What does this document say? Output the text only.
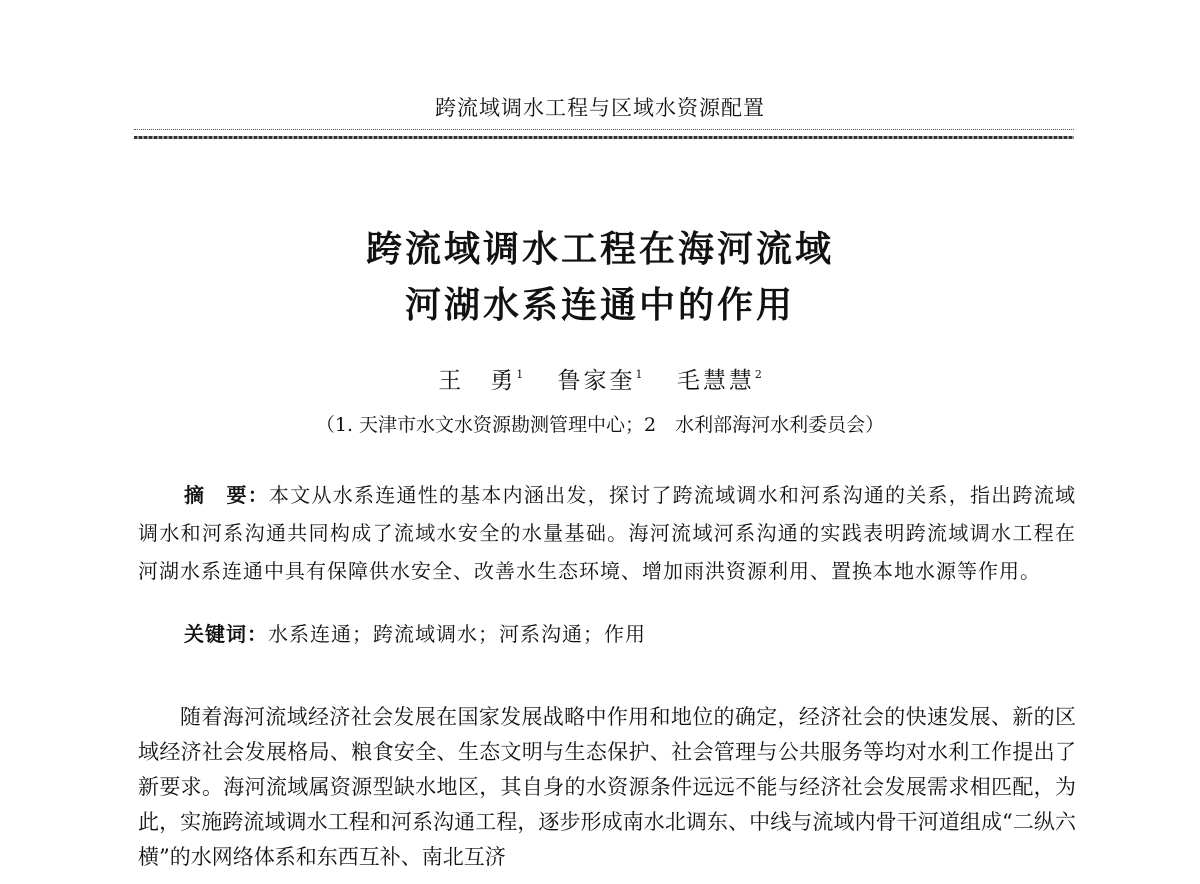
跨流域调水工程与区域水资源配置
跨流域调水工程在海河流域
河湖水系连通中的作用
王　勇$^1$ 鲁家奎$^1$ 毛慧慧$^2$
（1. 天津市水文水资源勘测管理中心；2　水利部海河水利委员会）

摘　要：本文从水系连通性的基本内涵出发，探讨了跨流域调水和河系沟通的关系，指出跨流域调水和河系沟通共同构成了流域水安全的水量基础。海河流域河系沟通的实践表明跨流域调水工程在河湖水系连通中具有保障供水安全、改善水生态环境、增加雨洪资源利用、置换本地水源等作用。

关键词：水系连通；跨流域调水；河系沟通；作用

随着海河流域经济社会发展在国家发展战略中作用和地位的确定，经济社会的快速发展、新的区域经济社会发展格局、粮食安全、生态文明与生态保护、社会管理与公共服务等均对水利工作提出了新要求。海河流域属资源型缺水地区，其自身的水资源条件远远不能与经济社会发展需求相匹配，为此，实施跨流域调水工程和河系沟通工程，逐步形成南水北调东、中线与流域内骨干河道组成“二纵六横”的水网络体系和东西互补、南北互济
